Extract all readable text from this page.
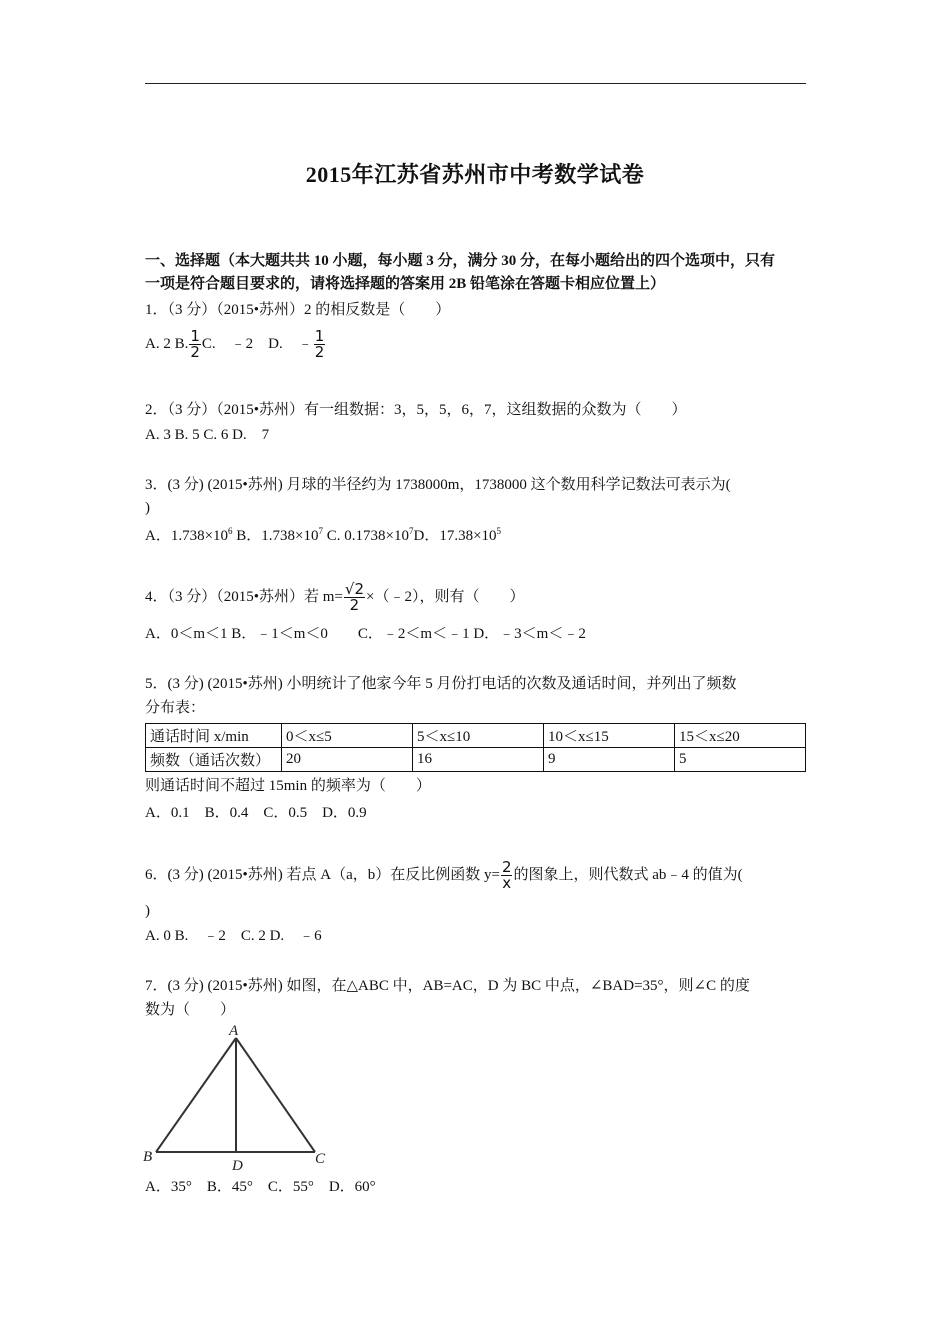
2015年江苏省苏州市中考数学试卷
一、选择题（本大题共共 10 小题，每小题 3 分，满分 30 分，在每小题给出的四个选项中，只有
一项是符合题目要求的，请将选择题的答案用 2B 铅笔涂在答题卡相应位置上）
1．（3 分）（2015•苏州）2 的相反数是（　　）
A. 2 B. $\frac{1}{2} C$.　﹣2　D.　﹣ $\frac{1}{2}$
2．（3 分）（2015•苏州）有一组数据：3，5，5，6，7，这组数据的众数为（　　）
A. 3 B. 5 C. 6 D.　7
3．(3 分) (2015•苏州) 月球的半径约为 1738000m，1738000 这个数用科学记数法可表示为(
)
A．$1.738\times 10^6$ B．$1.738\times 10^7$ C. $0.1738\times 10^7D$．$17.38\times 10^5$
4．（3 分）（2015•苏州）若 $m= \frac{√2}{2}$ ×（﹣2），则有（　　）
A．0＜m＜1 B．﹣1＜m＜0　　C．﹣2＜m＜﹣1 D．﹣3＜m＜﹣2
5．(3 分) (2015•苏州) 小明统计了他家今年 5 月份打电话的次数及通话时间，并列出了频数
分布表：
通话时间 x/min	0＜x≤5	5＜x≤10	10＜x≤15	15＜x≤20
频数（通话次数）	20	16	9	5
则通话时间不超过 15min 的频率为（　　）
A．0.1　B．0.4　C．0.5　D．0.9
6．(3 分) (2015•苏州) 若点 A（a，b）在反比例函数 $y= \frac{2}{x}$ 的图象上，则代数式 ab﹣4 的值为(
)
A. 0 B.　﹣2　C. 2 D.　﹣6
7．(3 分) (2015•苏州) 如图，在△ABC 中，AB=AC，D 为 BC 中点，∠BAD=35°，则∠C 的度
数为（　　）
A
B	C
D
A．35°　B．45°　C．55°　D．60°
